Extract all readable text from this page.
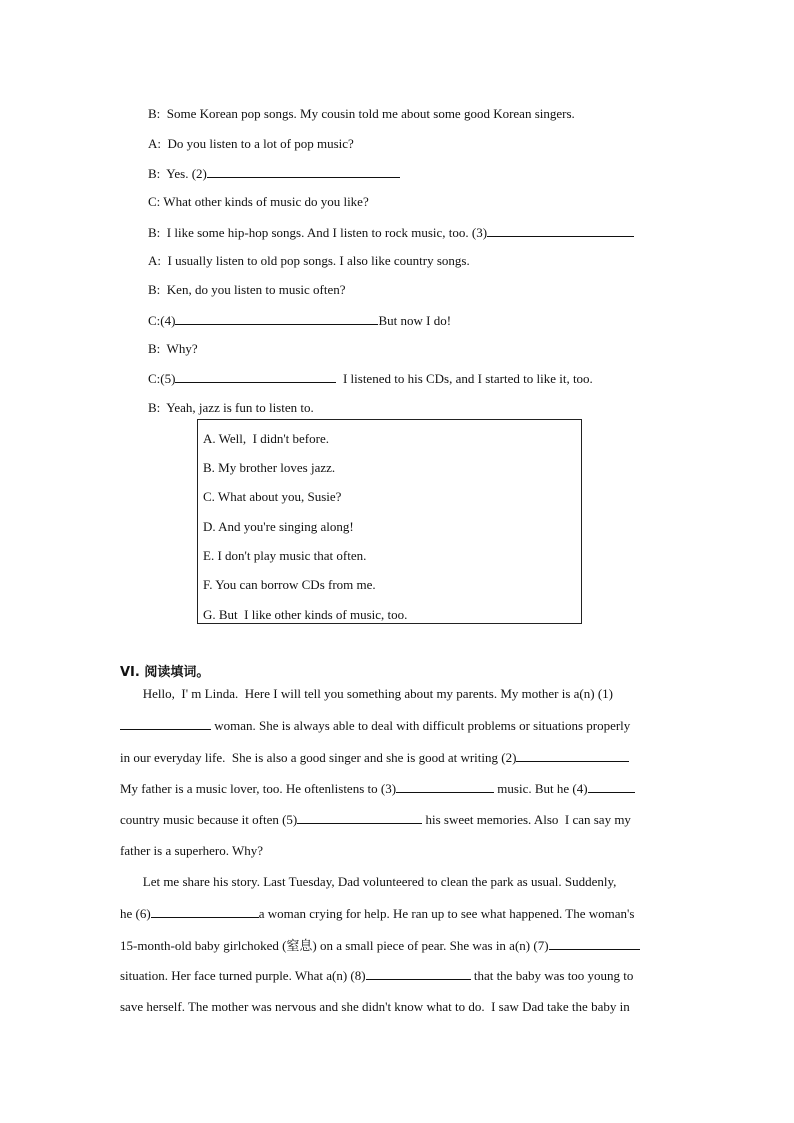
B:  Some Korean pop songs. My cousin told me about some good Korean singers.
A:  Do you listen to a lot of pop music?
B:  Yes. (2)
C: What other kinds of music do you like?
B:  I like some hip-hop songs. And I listen to rock music, too. (3)
A:  I usually listen to old pop songs. I also like country songs.
B:  Ken, do you listen to music often?
C:(4)	But now I do!
B:  Why?
C:(5)	I listened to his CDs, and I started to like it, too.
B:  Yeah, jazz is fun to listen to.
A. Well,  I didn't before.
B. My brother loves jazz.
C. What about you, Susie?
D. And you're singing along!
E. I don't play music that often.
F. You can borrow CDs from me.
G. But  I like other kinds of music, too.
VI. 阅读填词。
Hello,  I' m Linda.  Here I will tell you something about my parents. My mother is a(n) (1)
woman. She is always able to deal with difficult problems or situations properly
in our everyday life.  She is also a good singer and she is good at writing (2)
My father is a music lover, too. He oftenlistens to (3)	music. But he (4)
country music because it often (5)	his sweet memories. Also  I can say my
father is a superhero. Why?
Let me share his story. Last Tuesday, Dad volunteered to clean the park as usual. Suddenly,
he (6)	a woman crying for help. He ran up to see what happened. The woman's
15-month-old baby girlchoked (窒息) on a small piece of pear. She was in a(n) (7)
situation. Her face turned purple. What a(n) (8)	that the baby was too young to
save herself. The mother was nervous and she didn't know what to do.  I saw Dad take the baby in
